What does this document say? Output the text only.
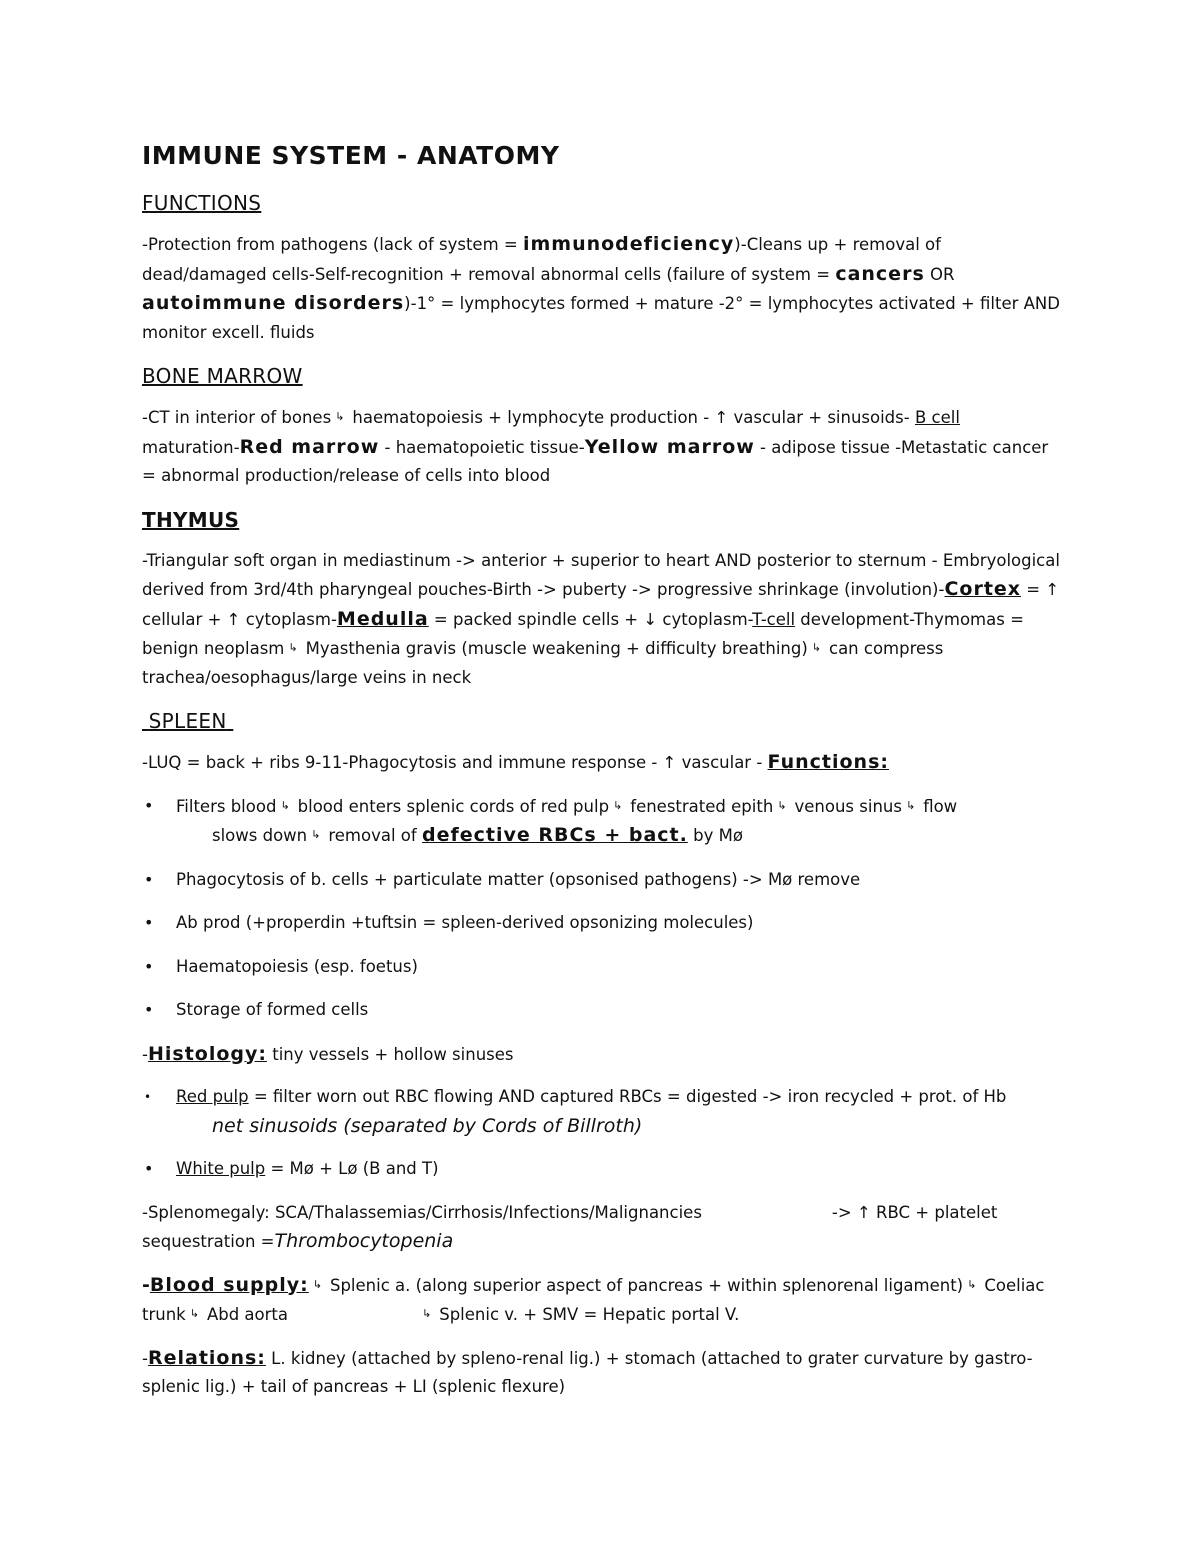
IMMUNE SYSTEM - ANATOMY
FUNCTIONS
-Protection from pathogens (lack of system = immunodeficiency)-Cleans up + removal of dead/damaged cells-Self-recognition + removal abnormal cells (failure of system = cancers OR autoimmune disorders)-1° = lymphocytes formed + mature -2° = lymphocytes activated + filter AND monitor excell. fluids
BONE MARROW
-CT in interior of bones ↳ haematopoiesis + lymphocyte production - ↑ vascular + sinusoids- B cell maturation-Red marrow - haematopoietic tissue-Yellow marrow - adipose tissue -Metastatic cancer = abnormal production/release of cells into blood
THYMUS
-Triangular soft organ in mediastinum -> anterior + superior to heart AND posterior to sternum - Embryological derived from 3rd/4th pharyngeal pouches-Birth -> puberty -> progressive shrinkage (involution)-Cortex = ↑ cellular + ↑ cytoplasm-Medulla = packed spindle cells + ↓ cytoplasm-T-cell development-Thymomas = benign neoplasm ↳ Myasthenia gravis (muscle weakening + difficulty breathing) ↳ can compress trachea/oesophagus/large veins in neck
SPLEEN
-LUQ = back + ribs 9-11-Phagocytosis and immune response - ↑ vascular - Functions:
• Filters blood ↳ blood enters splenic cords of red pulp ↳ fenestrated epith ↳ venous sinus ↳ flow
slows down ↳ removal of defective RBCs + bact. by Mø
• Phagocytosis of b. cells + particulate matter (opsonised pathogens) -> Mø remove
• Ab prod (+properdin +tuftsin = spleen-derived opsonizing molecules)
• Haematopoiesis (esp. foetus)
• Storage of formed cells
-Histology: tiny vessels + hollow sinuses
• Red pulp = filter worn out RBC flowing AND captured RBCs = digested -> iron recycled + prot. of Hb
net sinusoids (separated by Cords of Billroth)
• White pulp = Mø + Lø (B and T)
-Splenomegaly: SCA/Thalassemias/Cirrhosis/Infections/Malignancies	-> ↑ RBC + platelet sequestration =Thrombocytopenia
-Blood supply: ↳ Splenic a. (along superior aspect of pancreas + within splenorenal ligament) ↳ Coeliac trunk ↳ Abd aorta	↳ Splenic v. + SMV = Hepatic portal V.
-Relations: L. kidney (attached by spleno-renal lig.) + stomach (attached to grater curvature by gastro-splenic lig.) + tail of pancreas + LI (splenic flexure)
